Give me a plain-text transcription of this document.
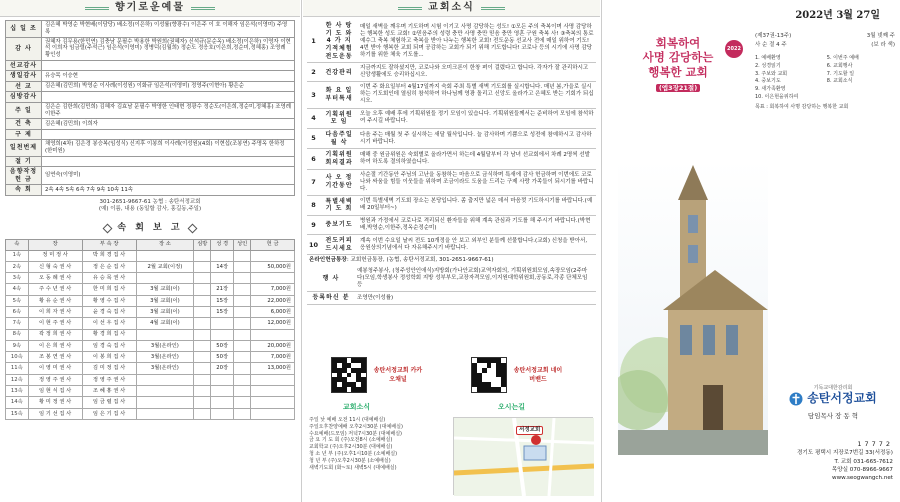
향기로운예물
십 일 조	김은혜 박영순 박현배(이담당) 배소정(이은하) 이성률(향광수) 이은주 이 호 이해자 임은석(이영미) 주영록
감 사	권혜자 김무용(한민연) 김충남 문필수 박용한 박원희(권혜자) 신석규(문순옥) 배소정(이은하) 이영자 이현석 이희자 임금렬(주석근) 임은석(이영미) 정병덕(김월희) 정순도 정응호(이은희,정순미,정혜홍) 조영례 황인성
선교감사	
생일감사	유승목 이승현
선 교	김은혜(김민희) 박영순 이사례(이성원) 이화규 임은석(이영미) 정영주(이현아) 황은순
심방감사	
주 일	김은순 김한희(김민희) 김혜자 김효남 문필수 박영한 인태현 정광수 정순도(이은희,정순미,정혜홍) 조영례 이한주
건 축	김은혜(김민희) 이희자
구 제	
일천번제	채영희(4차) 김은경 봉승복(임성식) 신지후 이봉희 이사례(이성원)(4회) 이현섭(조봉연) 주명옥 한하정(한미원)
절 기	
음향작정 헌 금	임연숙(이영미)
속 회	2속 4속 5속 6속 7속 9속 10속 11속
301-2651-9667-61 농협 : 송탄서정교회
(예) 이름, 내용 (동일할 감사, 홍길동,주일)
속 회 보 고
속	장	부 속 장	장 소	심방	성 경	성인	헌 금
1속	정 미 정 사	박 희 경 집 사					
2속	신 형 숙 권 사	정 은 순 집 사	2월 교회(이정)		14장		50,000원
3속	오 동 례 권 사	유 승 목 권 사					
4속	주 수 년 권 사	한 미 희 집 사	3월 교회(이)		21장		7,000원
5속	황 유 순 권 사	황 영 수 집 사	3월 교회(이)		15장		22,000원
6속	이 희 자 권 사	윤 경 숙 집 사	3월 교회(이)		15장		6,000원
7속	이 현 주 권 사	이 선 우 집 사	4월 교회(이)				12,000원
8속	곽 정 희 권 사	황 경 희 집 사					
9속	이 은 희 권 사	임 경 숙 집 사	3월(온라인)		50장		20,000원
10속	조 봉 연 권 사	이 봉 희 집 사	3월(온라인)		50장		7,000원
11속	이 영 미 권 사	김 미 정 집 사	3월(온라인)		20장		13,000원
12속	정 영 주 권 사	정 영 주 권 사					
13속	임 현 식 집 사	조 혜 홍 권 사					
14속	황 미 정 권 사	임 금 렬 집 사					
15속	임 기 선 집 사	임 은 기 집 사					
교회소식
1	한 사 랑 기 도 와 4 가 지 기적체험 전도운동	매일 새벽을 깨우며 기도하며 시험 이기고 사명 감당하는 성도! ①모든 주의 축복이며 사명 감당하는 행복한 성도 교회! ②믿음주의 성령 충만 사명 충만 믿음 충만 영혼 구원 축복 사! ③축복의 통로 예수그 축복 체험하고 축복을 받아 나누는 행복한 교회! 전도운동 선교사 전에 매일 위하여 기도! 4번 받아 행복한 교회 되며 공감하는 교회가 되기 위해 기도합니다! 코로나 등의 시기에 사명 감당하기를 위한 체육 기도를...
2	건강관리	지금까지도 잘하셨지만, 코로나와 오미크론이 한창 펴이 걸렸다고 합니다. 각자가 잘 관리하시고 신앙생활에도 승리하십시오.
3	화 요 일 부터특새	이번 주 화요일부터 4월17일까지 숙회 주최 특별 새벽 기도회를 실시합니다. 매년 봄,가을로 실시하는 기도회인데 열심히 참석하여 하나님께 영광 돌리고 신앙도 올라가고 은혜도 받는 기회가 되십시오.
4	기획위원 모 임	오늘 오후 예배 후에 기획위원들 정기 모임이 있습니다. 기획위원들께서는 준비하여 모임에 참석하여 주시길 바랍니다.
5	다음주일 월 삭	다음 주는 매월 첫 주 실시하는 새달 월삭입니다. 늘 감사하며 기쁨으로 성전에 참예하시고 감사하시기 바랍니다.
6	기획위원 회의결과	매해 중 원금위원은 숙회별로 올라가면서 하는데 4월달부터 각 남녀 선교회에서 차례 2명씩 선발하여 하도록 결의하였습니다.
7	사 오 정 기간동안	사순절 기간동안 주님의 고난을 동참하는 마음으로 금식하며 특새에 감사 헌금하며 이번에도 코로나와 싸움을 힘들 이웃들을 위하며 조금이라도 도움을 드리는 구제 사랑 가족들이 되시기를 바랍니다.
8	특별새벽 기 도 회	이번 특별새벽 기도회 장소는 본당입니다. 좀 춥지만 넓은 데서 마음껏 기도하시기를 바랍니다.(예배 20일부터~)
9	중보기도	병원과 가정에서 코로나로 격리되신 환자들을 위해 계속 관심과 기도를 해 주시기 바랍니다.(박현배,박영순,이한주,정옥순정순미)
10	전도커피 드시세요	계속 이번 수요일 날씨 전도 10개정을 안 보고 외부인 분들께 선물합니다.(교회) 신청을 받아서, 응원상의기념에서 다 자유해주시기 바랍니다.
온라인헌금통장: 교회헌금통장, (농협, 송탄서정교회, 301-2651-9667-61)
행 사	예봉청주봉사, (청주성안인애식)지방회(가나안교회)교역자회의, 기획위원회모임,속장모임(2주마다)모임,학생봉사 정성학회 지방 성부부모,교장자격모임,이지원대학위원회,공동로,각종 단체모임 등
등록하신 분	조영만(이성률)
송탄서정교회 카카오채널
송탄서정교회 네이버밴드
교회소식	오시는길
주일 낮 예배 오전 11시 (대예배실)
주일오후찬양예배 오후2시30분 (대예배실)
수요예배(드모임) 저녁7시30분 (대예배실)
금 요 기 도 회 (주)오전8시 (소예배실)
교회학교 (주)오후2시30분 (대예배실)
청 소 년 부 (주)오후1시10분 (소예배실)
청 년 부 (주)오후2시30분 (소예배실)
새벽기도회 (화~토) 새벽5시 (대예배실)
서정교회
2022년 3월 27일
(제37권-13주)	3월 넷째 주
사 순 절 4 주	(보 라 색)
회복하여
사명 감당하는
행복한 교회
(엡3장21절)
2022
1. 예배환영	5. 이번주 예배
2. 성경읽기	6. 교회행사
3. 주보와 교회	7. 기도할 일
4. 중보기도	8. 교회소식
9. 새가족환영
10. 이은현을위하여
목표 : 회복하여 사명 감당하는 행복한 교회
기독교대한감리회
송탄서정교회
담임목사 장 동 혁
17772
경기도 평택시 지장로7번길 33(서정동)
T. 교회 031-665-7612
목양실 070-8966-9667
www.seogwangch.net
